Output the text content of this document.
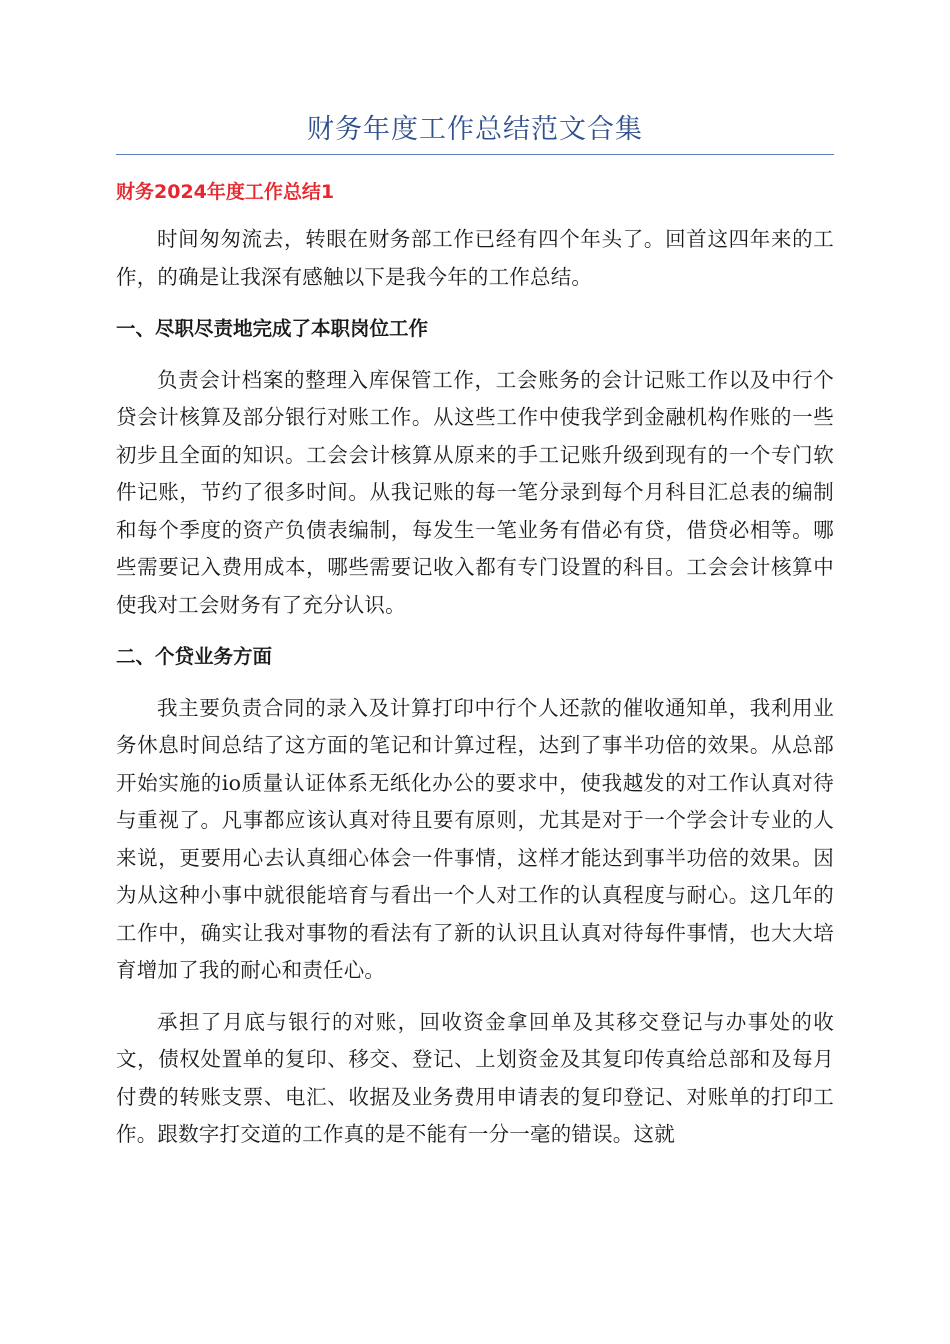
财务年度工作总结范文合集
财务2024年度工作总结1

时间匆匆流去，转眼在财务部工作已经有四个年头了。回首这四年来的工作，的确是让我深有感触以下是我今年的工作总结。

一、尽职尽责地完成了本职岗位工作

负责会计档案的整理入库保管工作，工会账务的会计记账工作以及中行个贷会计核算及部分银行对账工作。从这些工作中使我学到金融机构作账的一些初步且全面的知识。工会会计核算从原来的手工记账升级到现有的一个专门软件记账，节约了很多时间。从我记账的每一笔分录到每个月科目汇总表的编制和每个季度的资产负债表编制，每发生一笔业务有借必有贷，借贷必相等。哪些需要记入费用成本，哪些需要记收入都有专门设置的科目。工会会计核算中使我对工会财务有了充分认识。

二、个贷业务方面

我主要负责合同的录入及计算打印中行个人还款的催收通知单，我利用业务休息时间总结了这方面的笔记和计算过程，达到了事半功倍的效果。从总部开始实施的io质量认证体系无纸化办公的要求中，使我越发的对工作认真对待与重视了。凡事都应该认真对待且要有原则，尤其是对于一个学会计专业的人来说，更要用心去认真细心体会一件事情，这样才能达到事半功倍的效果。因为从这种小事中就很能培育与看出一个人对工作的认真程度与耐心。这几年的工作中，确实让我对事物的看法有了新的认识且认真对待每件事情，也大大培育增加了我的耐心和责任心。

承担了月底与银行的对账，回收资金拿回单及其移交登记与办事处的收文，债权处置单的复印、移交、登记、上划资金及其复印传真给总部和及每月付费的转账支票、电汇、收据及业务费用申请表的复印登记、对账单的打印工作。跟数字打交道的工作真的是不能有一分一毫的错误。这就
